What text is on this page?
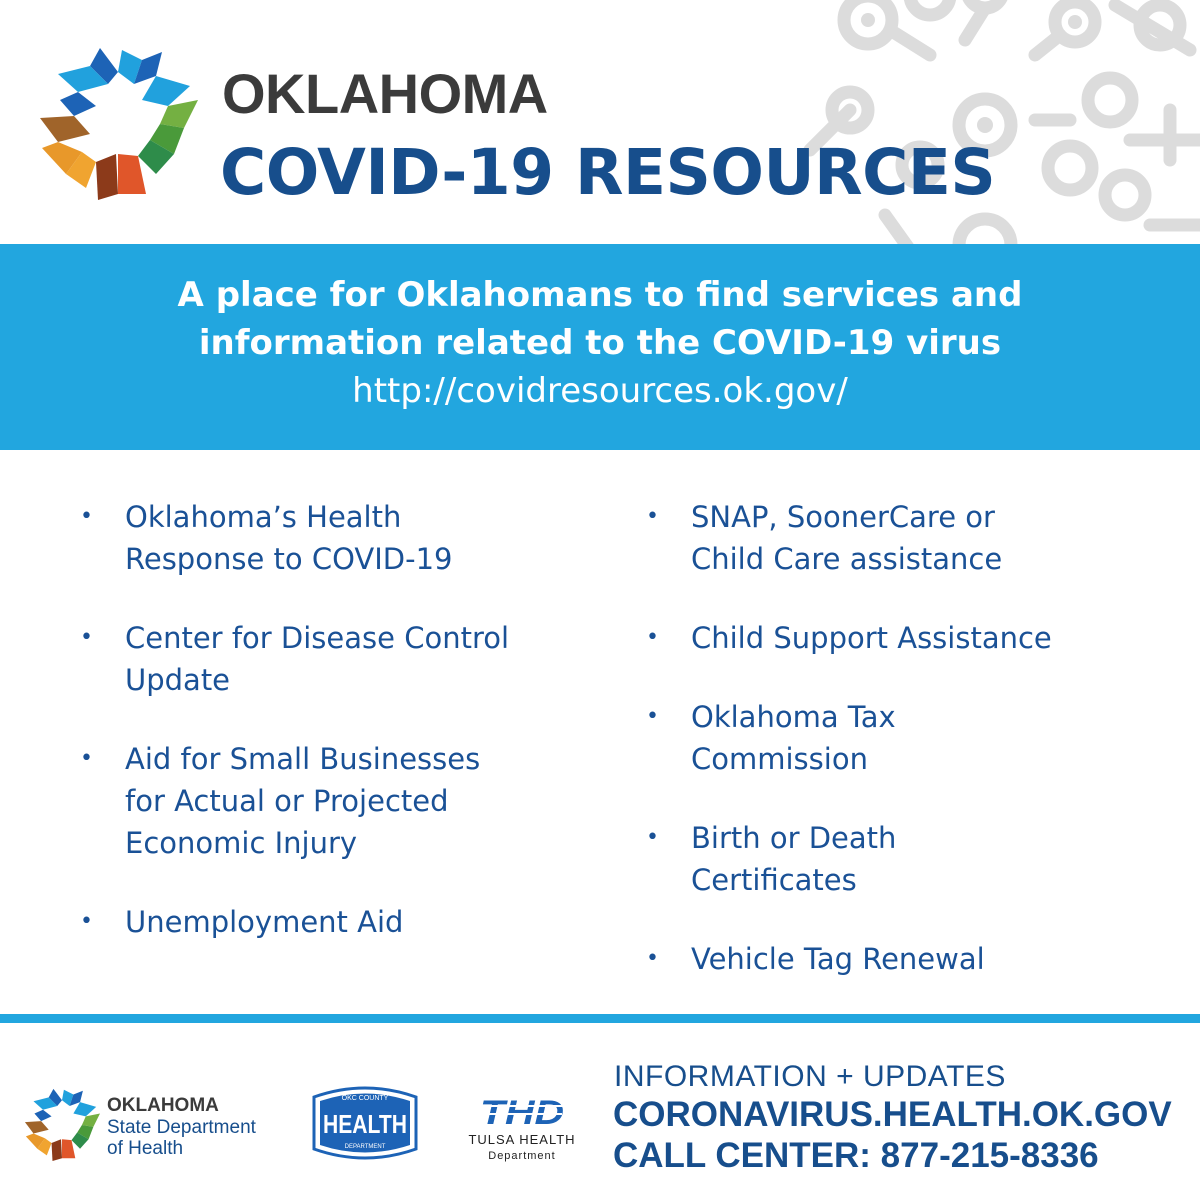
OKLAHOMA
COVID-19 RESOURCES
A place for Oklahomans to find services and
information related to the COVID-19 virus
http://covidresources.ok.gov/
• Oklahoma’s Health
Response to COVID-19
• Center for Disease Control
Update
• Aid for Small Businesses
for Actual or Projected
Economic Injury
• Unemployment Aid
• SNAP, SoonerCare or
Child Care assistance
• Child Support Assistance
• Oklahoma Tax
Commission
• Birth or Death
Certificates
• Vehicle Tag Renewal
OKLAHOMA
State Department
of Health
OKC COUNTY
HEALTH
DEPARTMENT
THD
TULSA HEALTH
Department
INFORMATION + UPDATES
CORONAVIRUS.HEALTH.OK.GOV
CALL CENTER: 877-215-8336
